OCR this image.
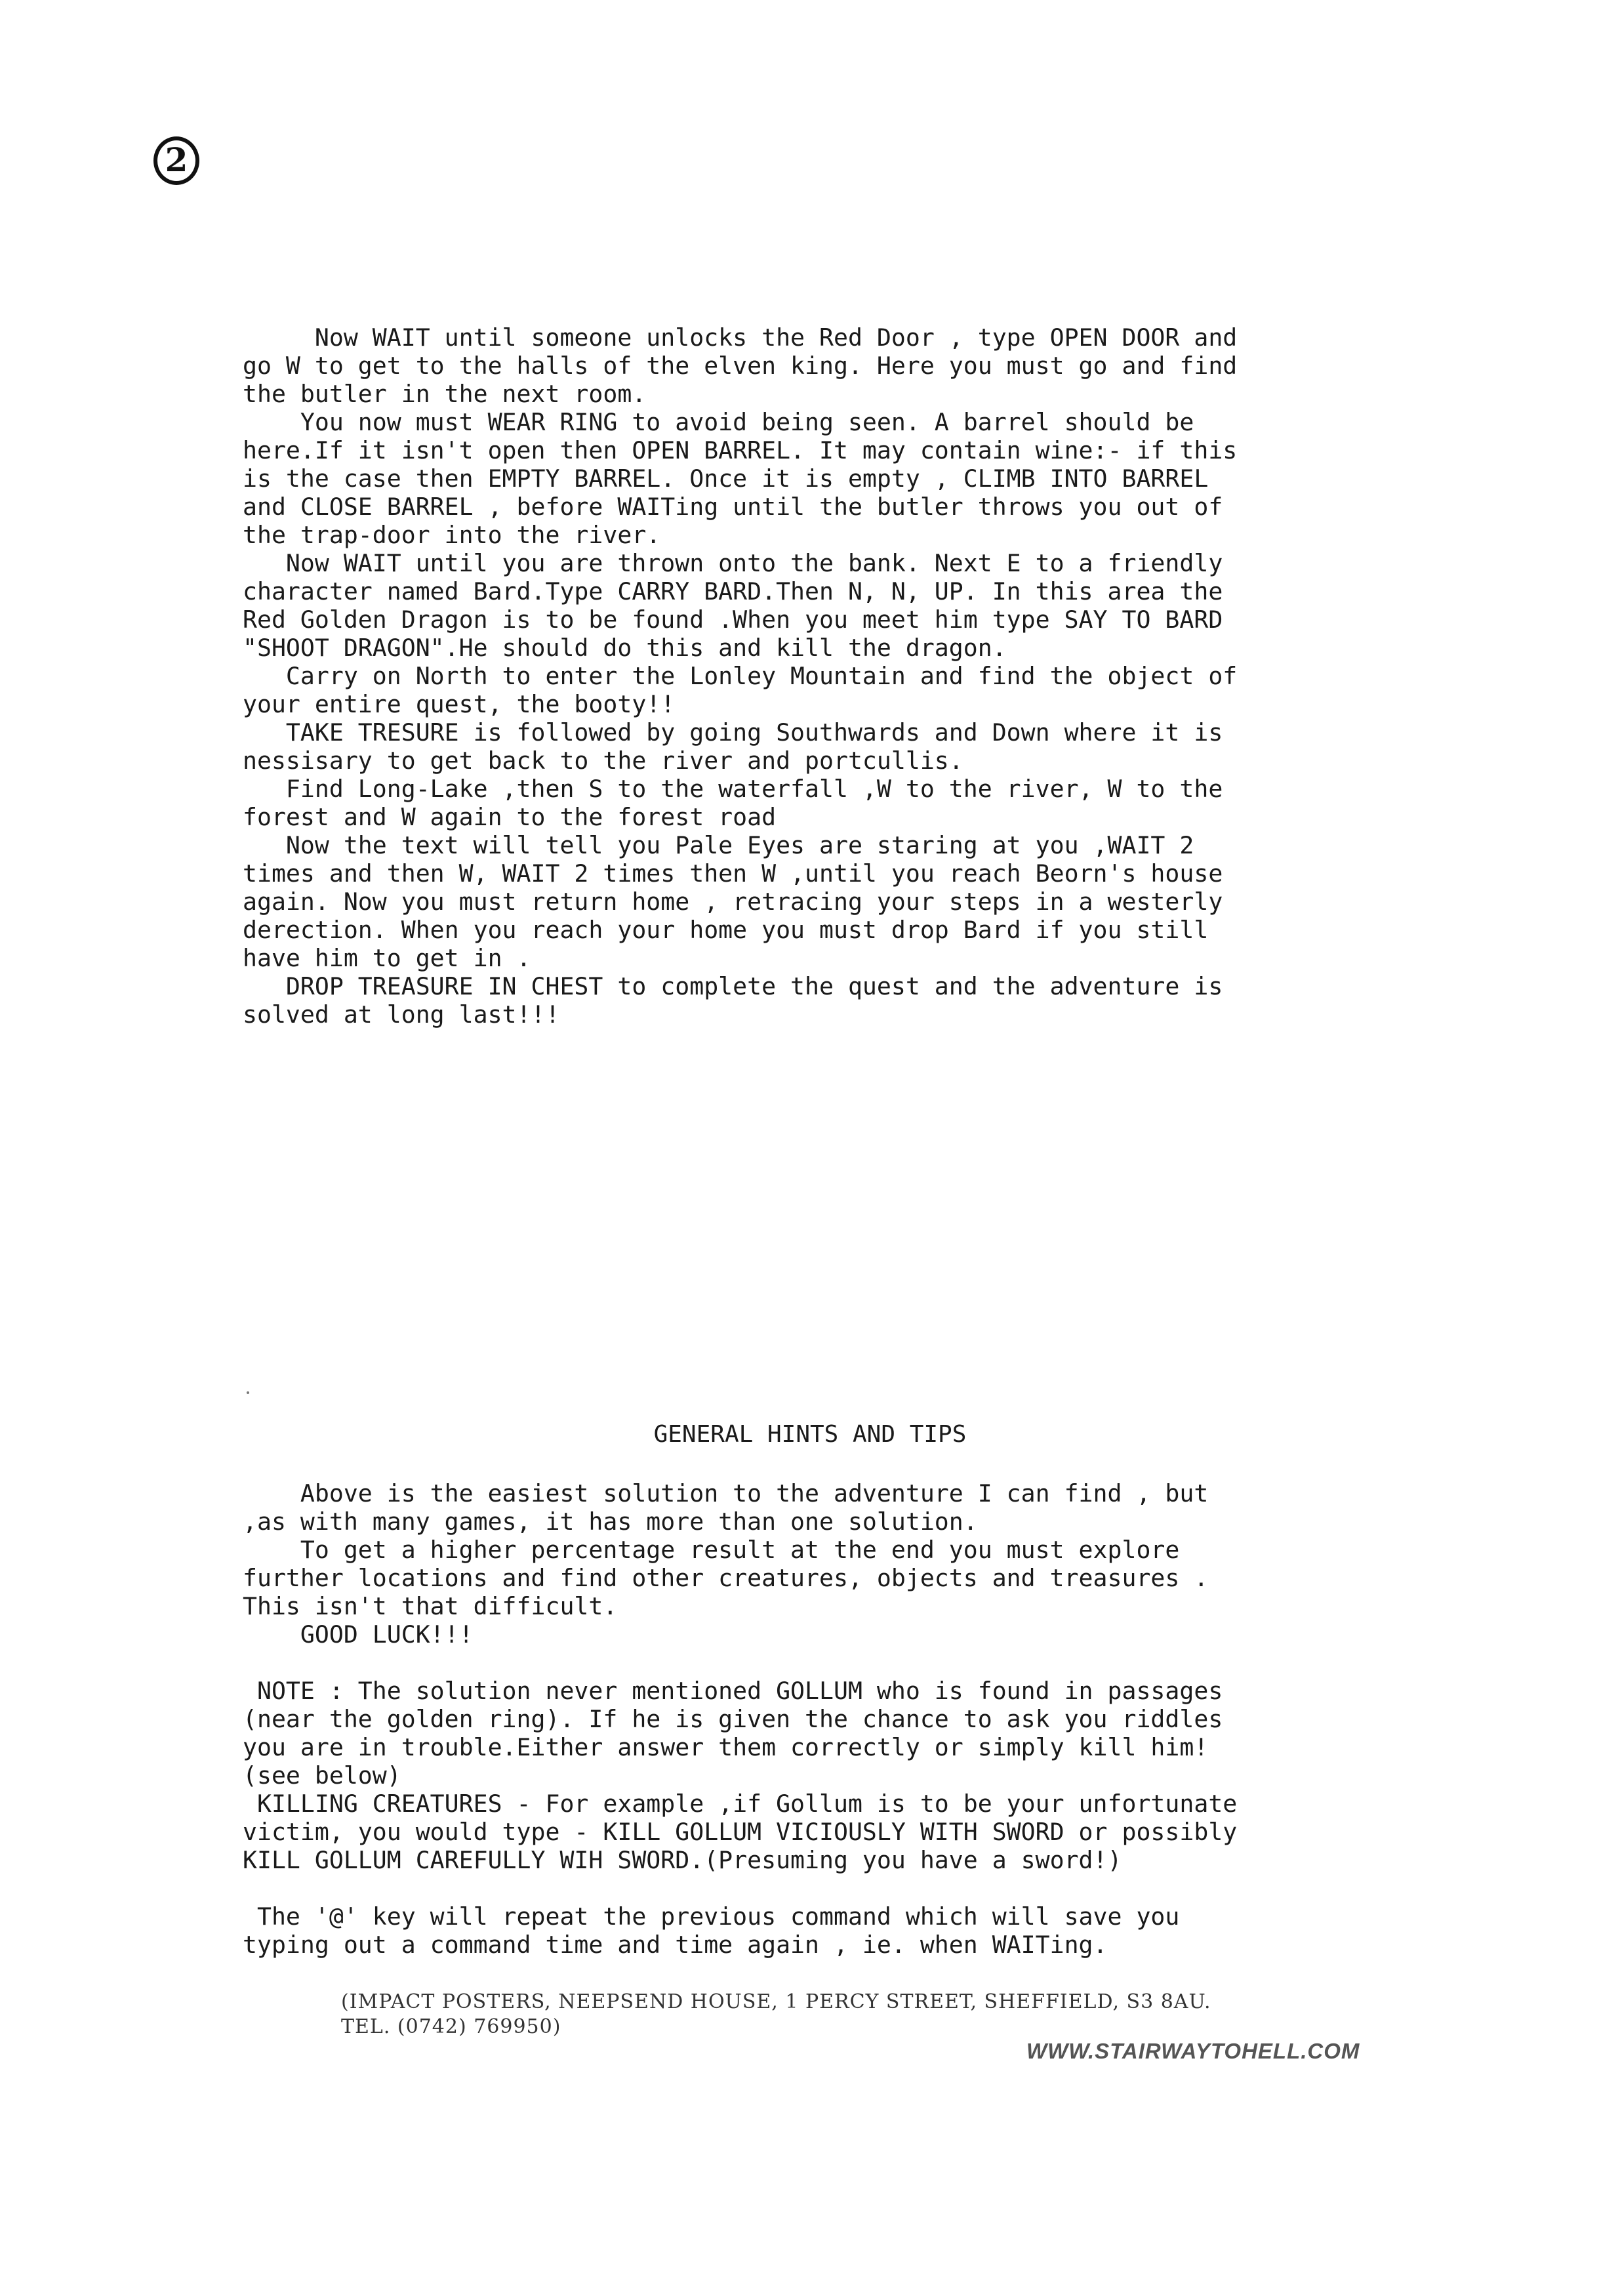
2
Now WAIT until someone unlocks the Red Door , type OPEN DOOR and
go W to get to the halls of the elven king. Here you must go and find
the butler in the next room.
You now must WEAR RING to avoid being seen. A barrel should be
here.If it isn't open then OPEN BARREL. It may contain wine:- if this
is the case then EMPTY BARREL. Once it is empty , CLIMB INTO BARREL
and CLOSE BARREL , before WAITing until the butler throws you out of
the trap-door into the river.
Now WAIT until you are thrown onto the bank. Next E to a friendly
character named Bard.Type CARRY BARD.Then N, N, UP. In this area the
Red Golden Dragon is to be found .When you meet him type SAY TO BARD
"SHOOT DRAGON".He should do this and kill the dragon.
Carry on North to enter the Lonley Mountain and find the object of
your entire quest, the booty!!
TAKE TRESURE is followed by going Southwards and Down where it is
nessisary to get back to the river and portcullis.
Find Long-Lake ,then S to the waterfall ,W to the river, W to the
forest and W again to the forest road
Now the text will tell you Pale Eyes are staring at you ,WAIT 2
times and then W, WAIT 2 times then W ,until you reach Beorn's house
again. Now you must return home , retracing your steps in a westerly
derection. When you reach your home you must drop Bard if you still
have him to get in .
DROP TREASURE IN CHEST to complete the quest and the adventure is
solved at long last!!!
GENERAL HINTS AND TIPS
Above is the easiest solution to the adventure I can find , but
,as with many games, it has more than one solution.
To get a higher percentage result at the end you must explore
further locations and find other creatures, objects and treasures .
This isn't that difficult.
GOOD LUCK!!!
NOTE : The solution never mentioned GOLLUM who is found in passages
(near the golden ring). If he is given the chance to ask you riddles
you are in trouble.Either answer them correctly or simply kill him!
(see below)
KILLING CREATURES - For example ,if Gollum is to be your unfortunate
victim, you would type - KILL GOLLUM VICIOUSLY WITH SWORD or possibly
KILL GOLLUM CAREFULLY WIH SWORD.(Presuming you have a sword!)
The '@' key will repeat the previous command which will save you
typing out a command time and time again , ie. when WAITing.
(IMPACT POSTERS, NEEPSEND HOUSE, 1 PERCY STREET, SHEFFIELD, S3 8AU.
TEL. (0742) 769950)
WWW.STAIRWAYTOHELL.COM
